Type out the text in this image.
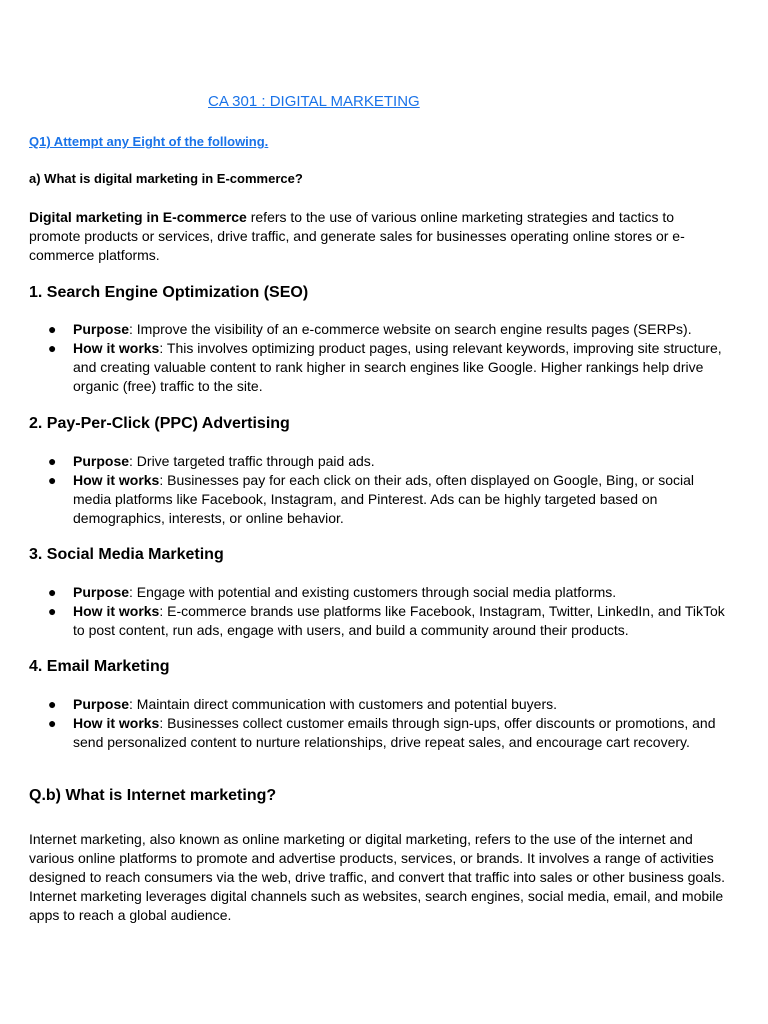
CA 301 : DIGITAL MARKETING
Q1) Attempt any Eight of the following.
a) What is digital marketing in E-commerce?
Digital marketing in E-commerce refers to the use of various online marketing strategies and tactics to promote products or services, drive traffic, and generate sales for businesses operating online stores or e-commerce platforms.
1. Search Engine Optimization (SEO)
● Purpose: Improve the visibility of an e-commerce website on search engine results pages (SERPs).
● How it works: This involves optimizing product pages, using relevant keywords, improving site structure, and creating valuable content to rank higher in search engines like Google. Higher rankings help drive organic (free) traffic to the site.
2. Pay-Per-Click (PPC) Advertising
● Purpose: Drive targeted traffic through paid ads.
● How it works: Businesses pay for each click on their ads, often displayed on Google, Bing, or social media platforms like Facebook, Instagram, and Pinterest. Ads can be highly targeted based on demographics, interests, or online behavior.
3. Social Media Marketing
● Purpose: Engage with potential and existing customers through social media platforms.
● How it works: E-commerce brands use platforms like Facebook, Instagram, Twitter, LinkedIn, and TikTok to post content, run ads, engage with users, and build a community around their products.
4. Email Marketing
● Purpose: Maintain direct communication with customers and potential buyers.
● How it works: Businesses collect customer emails through sign-ups, offer discounts or promotions, and send personalized content to nurture relationships, drive repeat sales, and encourage cart recovery.
Q.b) What is Internet marketing?
Internet marketing, also known as online marketing or digital marketing, refers to the use of the internet and various online platforms to promote and advertise products, services, or brands. It involves a range of activities designed to reach consumers via the web, drive traffic, and convert that traffic into sales or other business goals. Internet marketing leverages digital channels such as websites, search engines, social media, email, and mobile apps to reach a global audience.
